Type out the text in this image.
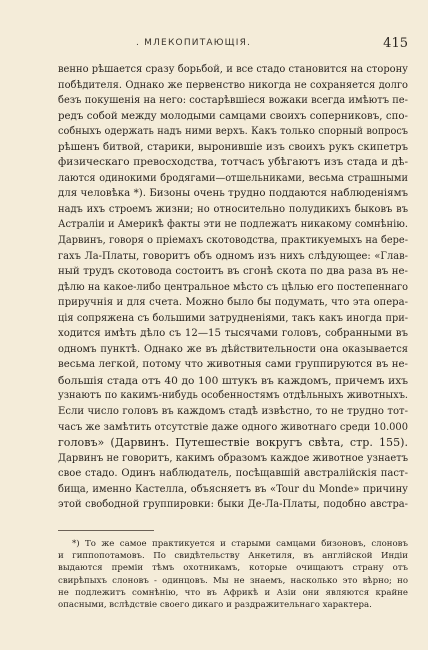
. МЛЕКОПИТАЮЩІЯ.	415
венно рѣшается сразу борьбой, и все стадо становится на сторону
побѣдителя. Однако же первенство никогда не сохраняется долго
безъ покушенія на него: состарѣвшіеся вожаки всегда имѣютъ пе-
редъ собой между молодыми самцами своихъ соперниковъ, спо-
собныхъ одержать надъ ними верхъ. Какъ только спорный вопросъ
рѣшенъ битвой, старики, выронившіе изъ своихъ рукъ скипетръ
физическаго превосходства, тотчасъ убѣгаютъ изъ стада и дѣ-
лаются одинокими бродягами—отшельниками, весьма страшными
для человѣка *). Бизоны очень трудно поддаются наблюденіямъ
надъ ихъ строемъ жизни; но относительно полудикихъ быковъ въ
Астраліи и Америкѣ факты эти не подлежатъ никакому сомнѣнію.
Дарвинъ, говоря о пріемахъ скотоводства, практикуемыхъ на бере-
гахъ Ла-Платы, говоритъ объ одномъ изъ нихъ слѣдующее: «Глав-
ный трудъ скотовода состоитъ въ сгонѣ скота по два раза въ не-
дѣлю на какое-либо центральное мѣсто съ цѣлью его постепеннаго
приручнія и для счета. Можно было бы подумать, что эта опера-
ція сопряжена съ большими затрудненіями, такъ какъ иногда при-
ходится имѣть дѣло съ 12—15 тысячами головъ, собранными въ
одномъ пунктѣ. Однако же въ дѣйствительности она оказывается
весьма легкой, потому что животныя сами группируются въ не-
большія стада отъ 40 до 100 штукъ въ каждомъ, причемъ ихъ
узнаютъ по какимъ-нибудь особенностямъ отдѣльныхъ животныхъ.
Если число головъ въ каждомъ стадѣ извѣстно, то не трудно тот-
часъ же замѣтить отсутствіе даже одного животнаго среди 10.000
головъ» (Дарвинъ. Путешествіе вокругъ свѣта, стр. 155).
Дарвинъ не говоритъ, какимъ образомъ каждое животное узнаетъ
свое стадо. Одинъ наблюдатель, посѣщавшій австралійскія паст-
бища, именно Кастелла, объясняетъ въ «Tour du Monde» причину
этой свободной группировки: быки Де-Ла-Платы, подобно австра-
*) То же самое практикуется и старыми самцами бизоновъ, слоновъ
и гиппопотамовъ. По свидѣтельству Анкетиля, въ англійской Индіи
выдаются преміи тѣмъ охотникамъ, которые очищаютъ страну отъ
свирѣпыхъ слоновъ - одинцовъ. Мы не знаемъ, насколько это вѣрно; но
не подлежитъ сомнѣнію, что въ Африкѣ и Азіи они являются крайне
опасными, вслѣдствіе своего дикаго и раздражительнаго характера.
